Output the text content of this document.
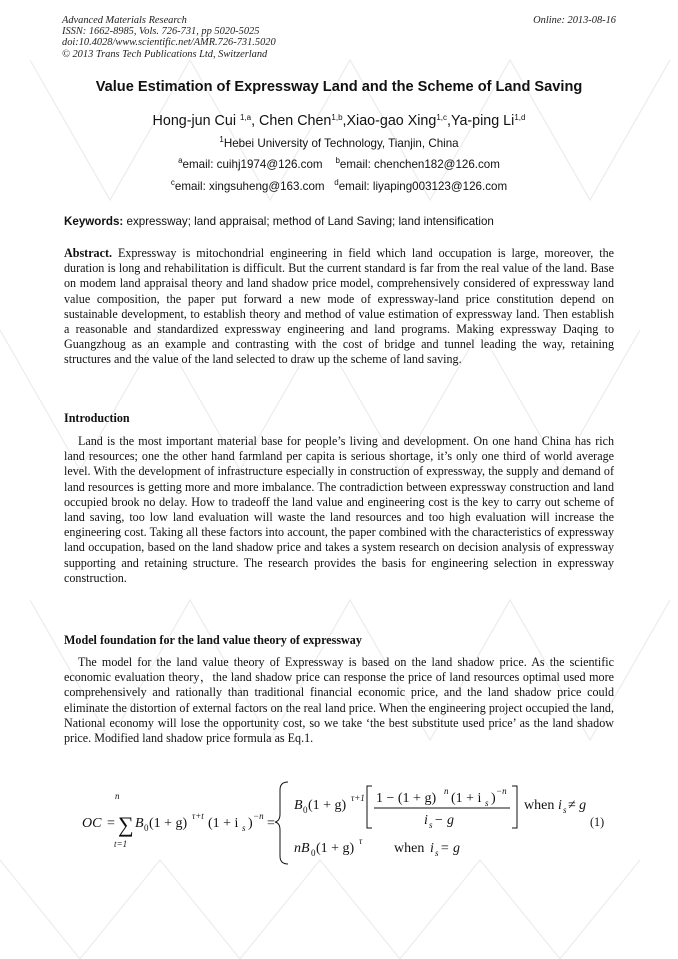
Advanced Materials Research
ISSN: 1662-8985, Vols. 726-731, pp 5020-5025
doi:10.4028/www.scientific.net/AMR.726-731.5020
© 2013 Trans Tech Publications Ltd, Switzerland
Online: 2013-08-16
Value Estimation of Expressway Land and the Scheme of Land Saving
Hong-jun Cui $^{1,a}$, Chen Chen$^{1,b}$,Xiao-gao Xing$^{1,c}$,Ya-ping Li$^{1,d}$
$^1$Hebei University of Technology, Tianjin, China
$^a$email: cuihj1974@126.com $^b$email: chenchen182@126.com
$^c$email: xingsuheng@163.com $^d$email: liyaping003123@126.com
Keywords: expressway; land appraisal; method of Land Saving; land intensification
Abstract. Expressway is mitochondrial engineering in field which land occupation is large, moreover, the duration is long and rehabilitation is difficult. But the current standard is far from the real value of the land. Base on modem land appraisal theory and land shadow price model, comprehensively considered of expressway land value composition, the paper put forward a new mode of expressway-land price constitution depend on sustainable development, to establish theory and method of value estimation of expressway land. Then establish a reasonable and standardized expressway engineering and land programs. Making expressway Daqing to Guangzhoug as an example and contrasting with the cost of bridge and tunnel leading the way, retaining structures and the value of the land selected to draw up the scheme of land saving.
Introduction
Land is the most important material base for people’s living and development. On one hand China has rich land resources; one the other hand farmland per capita is serious shortage, it’s only one third of world average level. With the development of infrastructure especially in construction of expressway, the supply and demand of land resources is getting more and more imbalance. The contradiction between expressway construction and land occupied brook no delay. How to tradeoff the land value and engineering cost is the key to carry out scheme of land saving, too low land evaluation will waste the land resources and too high evaluation will increase the engineering cost. Taking all these factors into account, the paper combined with the characteristics of expressway land occupation, based on the land shadow price and takes a system research on decision analysis of expressway supporting and retaining structure. The research provides the basis for engineering selection in expressway construction.
Model foundation for the land value theory of expressway
The model for the land value theory of Expressway is based on the land shadow price. As the scientific economic evaluation theory，the land shadow price can response the price of land resources optimal used more comprehensively and rationally than traditional financial economic price, and the land shadow price could eliminate the distortion of external factors on the real land price. When the engineering project occupied the land, National economy will lose the opportunity cost, so we take ‘the best substitute used price’ as the land shadow price. Modified land shadow price formula as Eq.1.
OC =
n
∑
t=1
B 0 (1 + g) τ+t (1 + i s ) −n =
B 0 (1 + g) τ+1 1 − (1 + g) n (1 + i s ) −n
i s − g
when i s ≠ g
nB 0 (1 + g) τ when i s = g
(1)
